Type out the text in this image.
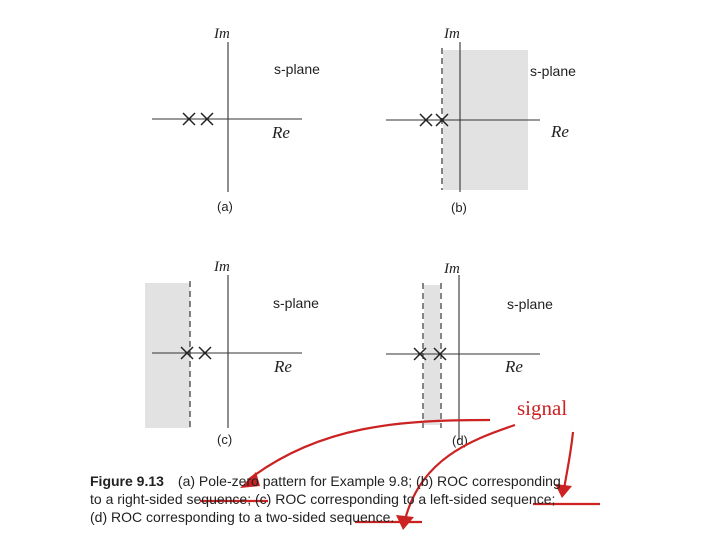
Im
s-plane
Re
(a)
Im
s-plane
Re
(b)
Im
s-plane
Re
(c)
Im
s-plane
Re
(d)
signal
Figure 9.13 (a) Pole-zero pattern for Example 9.8; (b) ROC corresponding
to a right-sided sequence; (c) ROC corresponding to a left-sided sequence;
(d) ROC corresponding to a two-sided sequence.
